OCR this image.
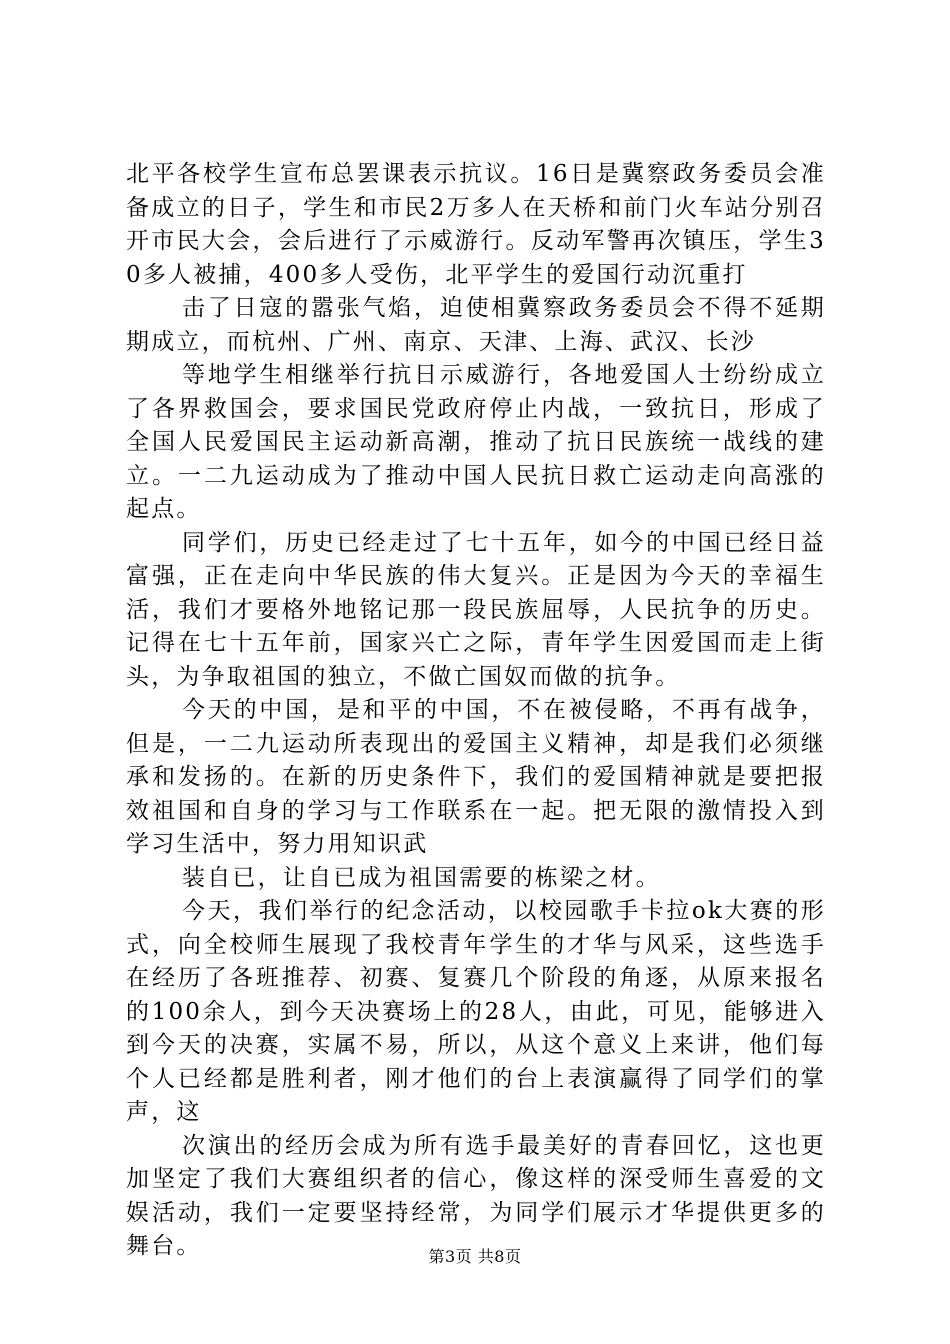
北平各校学生宣布总罢课表示抗议。16日是冀察政务委员会准备成立的日子，学生和市民2万多人在天桥和前门火车站分别召开市民大会，会后进行了示威游行。反动军警再次镇压，学生30多人被捕，400多人受伤，北平学生的爱国行动沉重打

击了日寇的嚣张气焰，迫使相冀察政务委员会不得不延期期成立，而杭州、广州、南京、天津、上海、武汉、长沙

等地学生相继举行抗日示威游行，各地爱国人士纷纷成立了各界救国会，要求国民党政府停止内战，一致抗日，形成了全国人民爱国民主运动新高潮，推动了抗日民族统一战线的建立。一二九运动成为了推动中国人民抗日救亡运动走向高涨的起点。

同学们，历史已经走过了七十五年，如今的中国已经日益富强，正在走向中华民族的伟大复兴。正是因为今天的幸福生活，我们才要格外地铭记那一段民族屈辱，人民抗争的历史。记得在七十五年前，国家兴亡之际，青年学生因爱国而走上街头，为争取祖国的独立，不做亡国奴而做的抗争。

今天的中国，是和平的中国，不在被侵略，不再有战争，但是，一二九运动所表现出的爱国主义精神，却是我们必须继承和发扬的。在新的历史条件下，我们的爱国精神就是要把报效祖国和自身的学习与工作联系在一起。把无限的激情投入到学习生活中，努力用知识武

装自已，让自已成为祖国需要的栋梁之材。

今天，我们举行的纪念活动，以校园歌手卡拉ok大赛的形式，向全校师生展现了我校青年学生的才华与风采，这些选手在经历了各班推荐、初赛、复赛几个阶段的角逐，从原来报名的100余人，到今天决赛场上的28人，由此，可见，能够进入到今天的决赛，实属不易，所以，从这个意义上来讲，他们每个人已经都是胜利者，刚才他们的台上表演赢得了同学们的掌声，这

次演出的经历会成为所有选手最美好的青春回忆，这也更加坚定了我们大赛组织者的信心，像这样的深受师生喜爱的文娱活动，我们一定要坚持经常，为同学们展示才华提供更多的舞台。	第3页 共8页
